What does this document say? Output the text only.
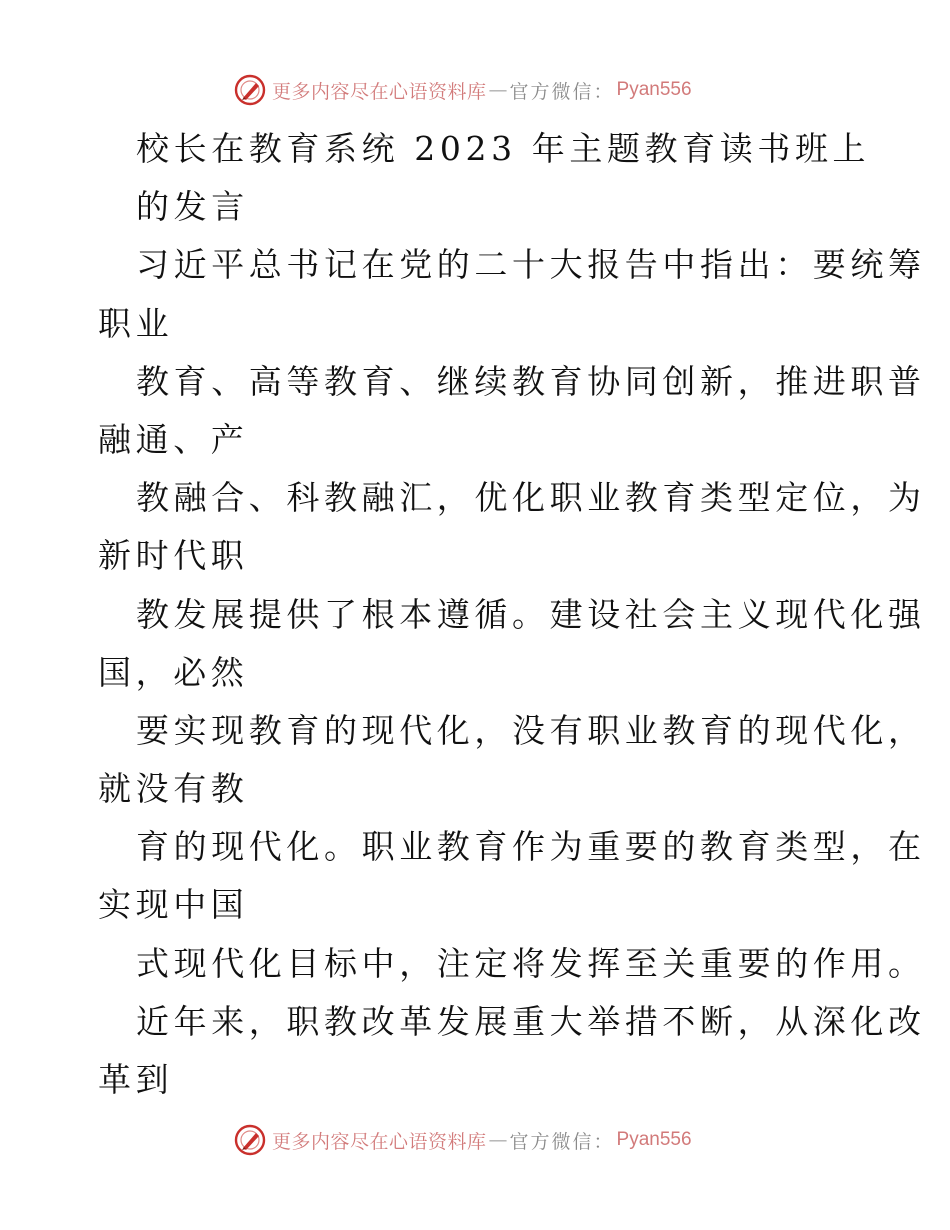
更多内容尽在心语资料库 — 官方微信： Pyan556
校长在教育系统 2023 年主题教育读书班上
的发言
习近平总书记在党的二十大报告中指出：要统筹
职业
教育、高等教育、继续教育协同创新，推进职普
融通、产
教融合、科教融汇，优化职业教育类型定位，为
新时代职
教发展提供了根本遵循。建设社会主义现代化强
国，必然
要实现教育的现代化，没有职业教育的现代化，
就没有教
育的现代化。职业教育作为重要的教育类型，在
实现中国
式现代化目标中，注定将发挥至关重要的作用。
近年来，职教改革发展重大举措不断，从深化改
革到
更多内容尽在心语资料库 — 官方微信： Pyan556
